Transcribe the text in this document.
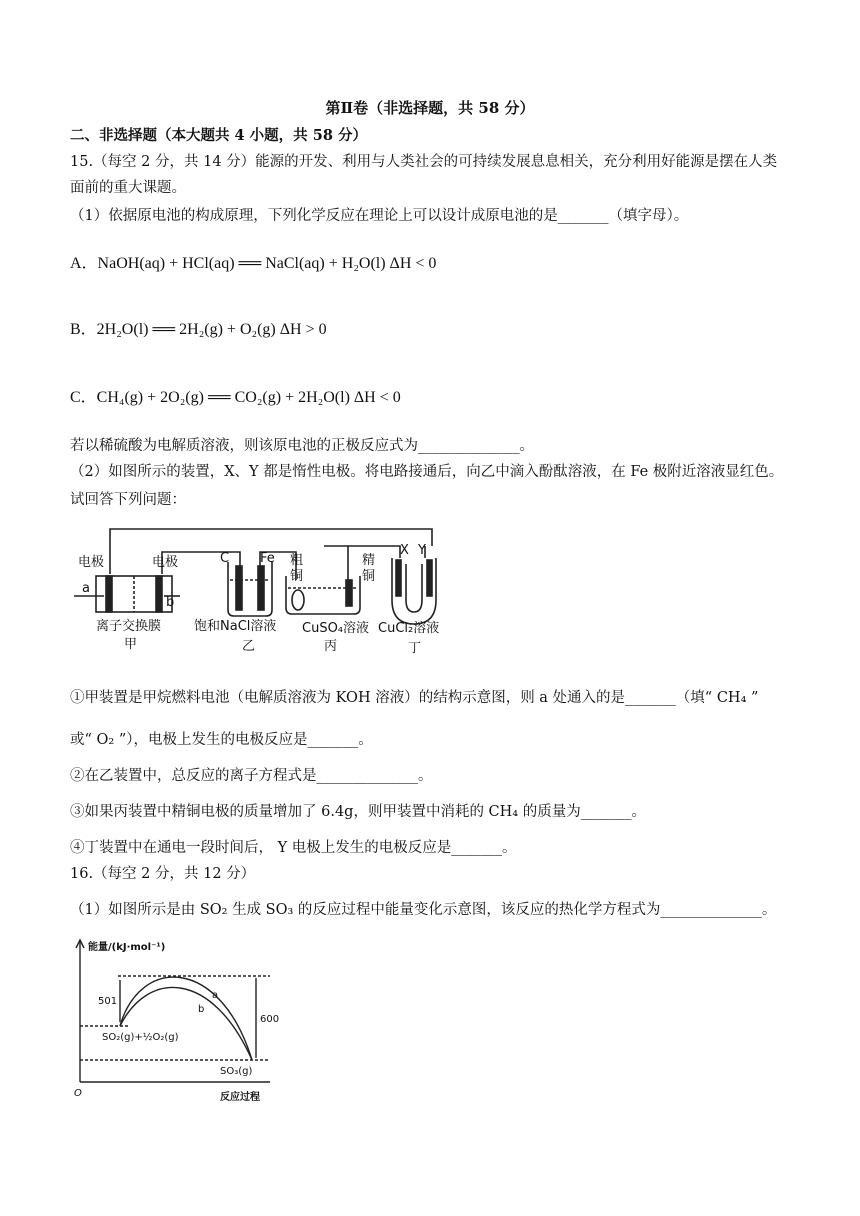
第Ⅱ卷（非选择题，共 58 分）
二、非选择题（本大题共 4 小题，共 58 分）
15.（每空 2 分，共 14 分）能源的开发、利用与人类社会的可持续发展息息相关，充分利用好能源是摆在人类
面前的重大课题。
（1）依据原电池的构成原理，下列化学反应在理论上可以设计成原电池的是_______（填字母）。
A．NaOH(aq) + HCl(aq) ══ NaCl(aq) + H₂O(l) ΔH < 0
B．2H₂O(l) ══ 2H₂(g) + O₂(g) ΔH > 0
C．CH₄(g) + 2O₂(g) ══ CO₂(g) + 2H₂O(l) ΔH < 0
若以稀硫酸为电解质溶液，则该原电池的正极反应式为______________。
（2）如图所示的装置，X、Y 都是惰性电极。将电路接通后，向乙中滴入酚酞溶液，在 Fe 极附近溶液显红色。
试回答下列问题：
电极	电极
a
b
离子交换膜
甲
C Fe
饱和NaCl溶液
乙
粗
铜
精
铜
CuSO₄溶液
丙
X Y
CuCl₂溶液
丁
①甲装置是甲烷燃料电池（电解质溶液为 KOH 溶液）的结构示意图，则 a 处通入的是_______（填“ CH₄ ”
或“ O₂ ”），电极上发生的电极反应是_______。
②在乙装置中，总反应的离子方程式是______________。
③如果丙装置中精铜电极的质量增加了 6.4g，则甲装置中消耗的 CH₄ 的质量为_______。
④丁装置中在通电一段时间后， Y 电极上发生的电极反应是_______。
16.（每空 2 分，共 12 分）
（1）如图所示是由 SO₂ 生成 SO₃ 的反应过程中能量变化示意图，该反应的热化学方程式为______________。
能量/(kJ·mol⁻¹)
501
600
a
b
SO₂(g)+½O₂(g)
SO₃(g)
O	反应过程
